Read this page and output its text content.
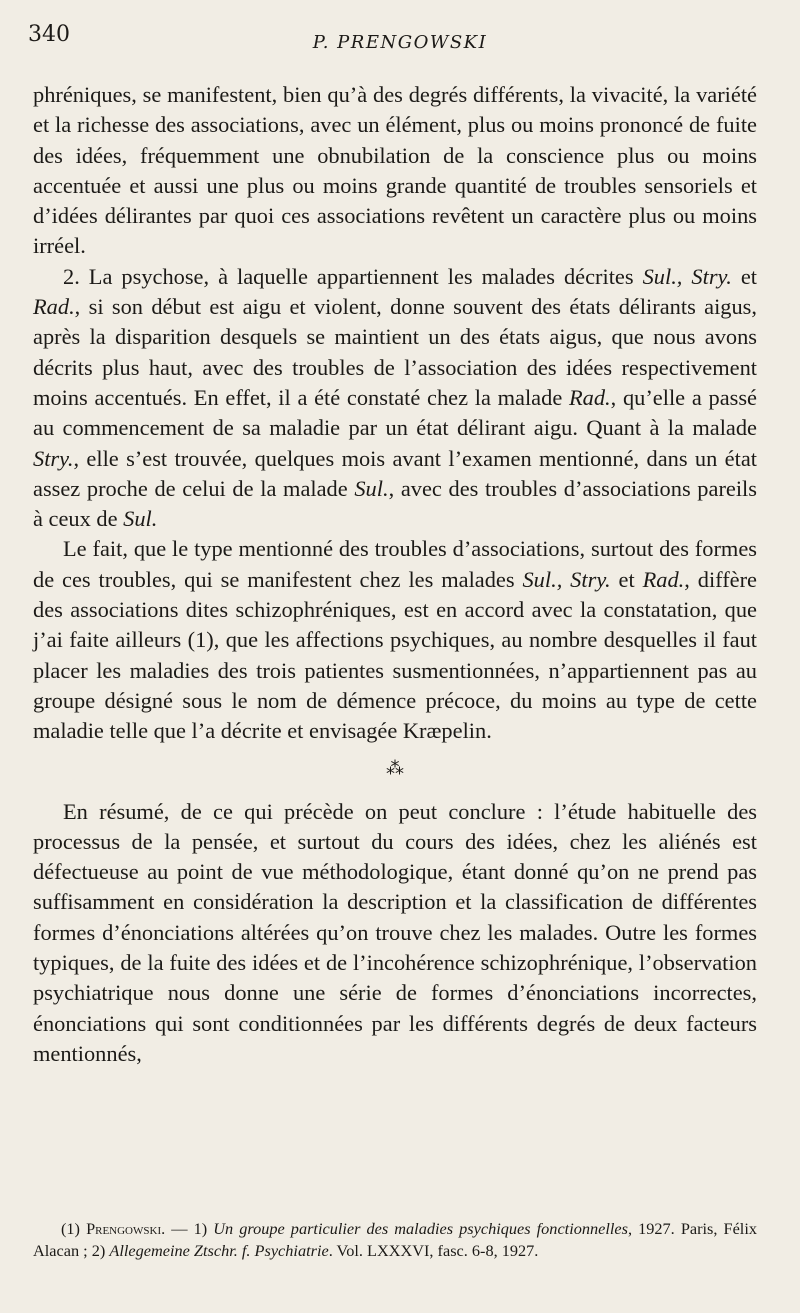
340	P. PRENGOWSKI

phréniques, se manifestent, bien qu’à des degrés différents, la vivacité, la variété et la richesse des associations, avec un élément, plus ou moins prononcé de fuite des idées, fréquemment une obnubilation de la conscience plus ou moins accentuée et aussi une plus ou moins grande quantité de troubles sensoriels et d’idées délirantes par quoi ces associations revêtent un caractère plus ou moins irréel.

2. La psychose, à laquelle appartiennent les malades décrites Sul., Stry. et Rad., si son début est aigu et violent, donne souvent des états délirants aigus, après la disparition desquels se maintient un des états aigus, que nous avons décrits plus haut, avec des troubles de l’association des idées respectivement moins accentués. En effet, il a été constaté chez la malade Rad., qu’elle a passé au commencement de sa maladie par un état délirant aigu. Quant à la malade Stry., elle s’est trouvée, quelques mois avant l’examen mentionné, dans un état assez proche de celui de la malade Sul., avec des troubles d’associations pareils à ceux de Sul.

Le fait, que le type mentionné des troubles d’associations, surtout des formes de ces troubles, qui se manifestent chez les malades Sul., Stry. et Rad., diffère des associations dites schizophréniques, est en accord avec la constatation, que j’ai faite ailleurs (1), que les affections psychiques, au nombre desquelles il faut placer les maladies des trois patientes susmentionnées, n’appartiennent pas au groupe désigné sous le nom de démence précoce, du moins au type de cette maladie telle que l’a décrite et envisagée Kræpelin.

⁂

En résumé, de ce qui précède on peut conclure : l’étude habituelle des processus de la pensée, et surtout du cours des idées, chez les aliénés est défectueuse au point de vue méthodologique, étant donné qu’on ne prend pas suffisamment en considération la description et la classification de différentes formes d’énonciations altérées qu’on trouve chez les malades. Outre les formes typiques, de la fuite des idées et de l’incohérence schizophrénique, l’observation psychiatrique nous donne une série de formes d’énonciations incorrectes, énonciations qui sont conditionnées par les différents degrés de deux facteurs mentionnés,

(1) Prengowski. — 1) Un groupe particulier des maladies psychiques fonctionnelles, 1927. Paris, Félix Alacan ; 2) Allegemeine Ztschr. f. Psychiatrie. Vol. LXXXVI, fasc. 6-8, 1927.
